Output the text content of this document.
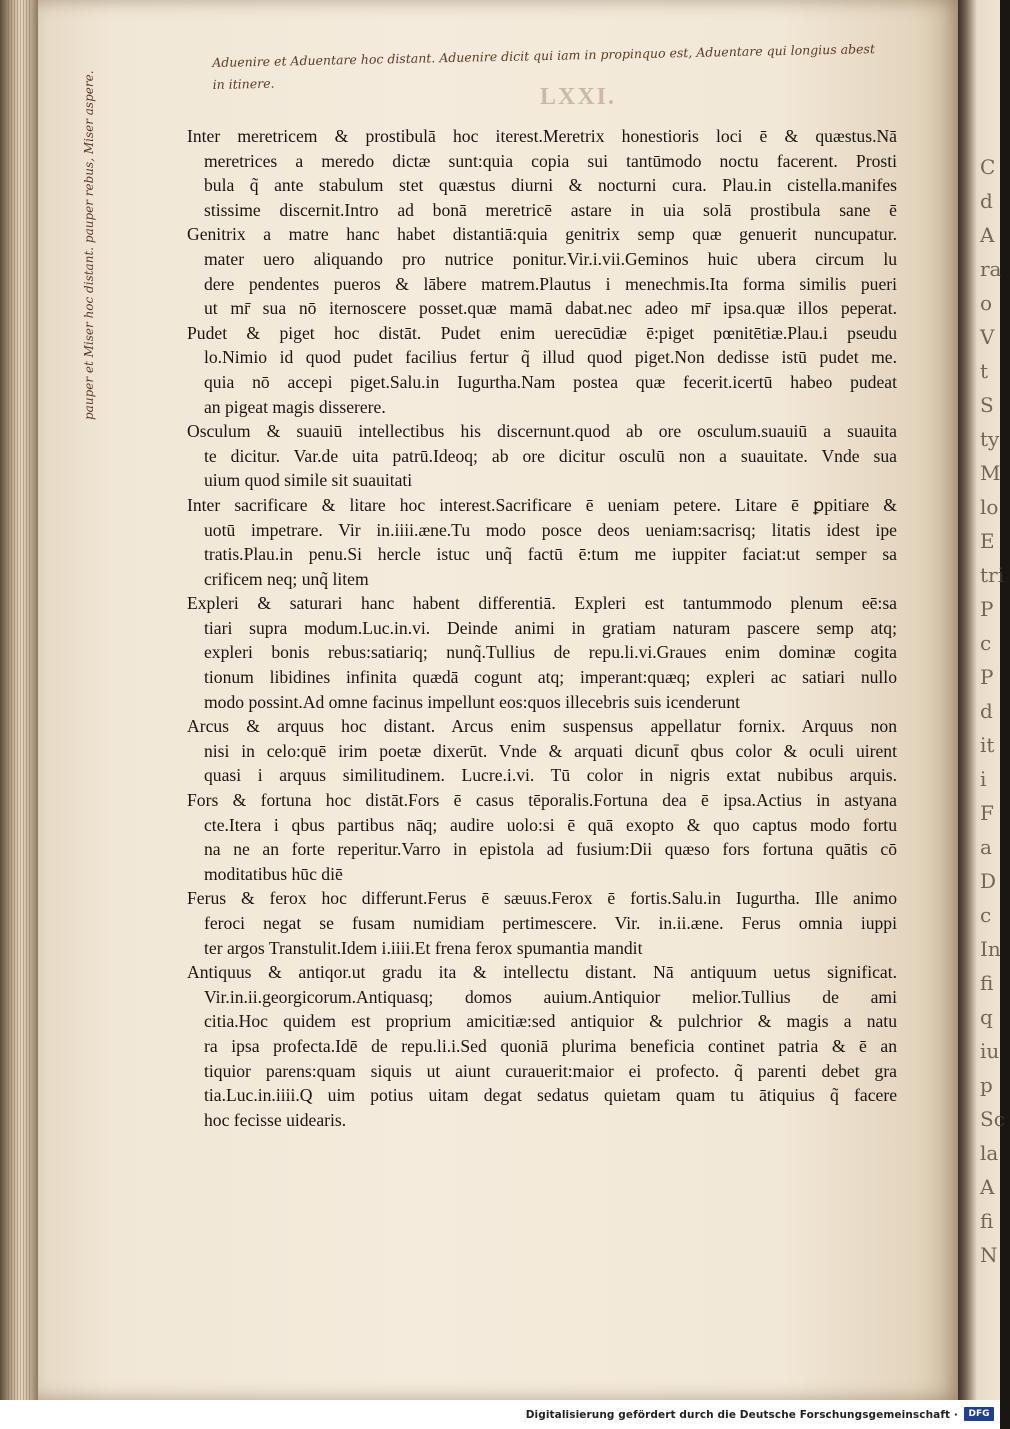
C
d
A
ra
o
V
t
S
ty
M
lo
E
tri
P
c
P
d
it
i
F
a
D
c
In
fi
q
iu
p
Sc
la
A
fi
N
LXXI.
Aduenire et Aduentare hoc distant. Aduenire dicit qui iam in propinquo est, Aduentare qui longius abest
in itinere.
pauper et Miser hoc distant. pauper rebus, Miser aspere.	Inter meretricem & prostibulā hoc iterest.Meretrix honestioris loci ē & quæstus.Nā
meretrices a meredo dictæ sunt:quia copia sui tantūmodo noctu facerent. Prosti
bula q̃ ante stabulum stet quæstus diurni & nocturni cura. Plau.in cistella.manifes
stissime discernit.Intro ad bonā meretricē astare in uia solā prostibula sane ē
Genitrix a matre hanc habet distantiā:quia genitrix semp quæ genuerit nuncupatur.
mater uero aliquando pro nutrice ponitur.Vir.i.vii.Geminos huic ubera circum lu
dere pendentes pueros & lābere matrem.Plautus i menechmis.Ita forma similis pueri
ut mr̄ sua nō iternoscere posset.quæ mamā dabat.nec adeo mr̄ ipsa.quæ illos peperat.
Pudet & piget hoc distāt. Pudet enim uerecūdiæ ē:piget pœnitētiæ.Plau.i pseudu
lo.Nimio id quod pudet facilius fertur q̃ illud quod piget.Non dedisse istū pudet me.
quia nō accepi piget.Salu.in Iugurtha.Nam postea quæ fecerit.icertū habeo pudeat
an pigeat magis disserere.
Osculum & suauiū intellectibus his discernunt.quod ab ore osculum.suauiū a suauita
te dicitur. Var.de uita patrū.Ideoq; ab ore dicitur osculū non a suauitate. Vnde sua
uium quod simile sit suauitati
Inter sacrificare & litare hoc interest.Sacrificare ē ueniam petere. Litare ē ꝑpitiare &
uotū impetrare. Vir in.iiii.æne.Tu modo posce deos ueniam:sacrisq; litatis idest ipe
tratis.Plau.in penu.Si hercle istuc unq̃ factū ē:tum me iuppiter faciat:ut semper sa
crificem neq; unq̃ litem
Expleri & saturari hanc habent differentiā. Expleri est tantummodo plenum eē:sa
tiari supra modum.Luc.in.vi. Deinde animi in gratiam naturam pascere semp atq;
expleri bonis rebus:satiariq; nunq̃.Tullius de repu.li.vi.Graues enim dominæ cogita
tionum libidines infinita quædā cogunt atq; imperant:quæq; expleri ac satiari nullo
modo possint.Ad omne facinus impellunt eos:quos illecebris suis icenderunt
Arcus & arquus hoc distant. Arcus enim suspensus appellatur fornix. Arquus non
nisi in celo:quē irim poetæ dixerūt. Vnde & arquati dicunt̄ qbus color & oculi uirent
quasi i arquus similitudinem. Lucre.i.vi. Tū color in nigris extat nubibus arquis.
Fors & fortuna hoc distāt.Fors ē casus tēporalis.Fortuna dea ē ipsa.Actius in astyana
cte.Itera i qbus partibus nāq; audire uolo:si ē quā exopto & quo captus modo fortu
na ne an forte reperitur.Varro in epistola ad fusium:Dii quæso fors fortuna quātis cō
moditatibus hūc diē
Ferus & ferox hoc differunt.Ferus ē sæuus.Ferox ē fortis.Salu.in Iugurtha. Ille animo
feroci negat se fusam numidiam pertimescere. Vir. in.ii.æne. Ferus omnia iuppi
ter argos Transtulit.Idem i.iiii.Et frena ferox spumantia mandit
Antiquus & antiqor.ut gradu ita & intellectu distant. Nā antiquum uetus significat.
Vir.in.ii.georgicorum.Antiquasq; domos auium.Antiquior melior.Tullius de ami
citia.Hoc quidem est proprium amicitiæ:sed antiquior & pulchrior & magis a natu
ra ipsa profecta.Idē de repu.li.i.Sed quoniā plurima beneficia continet patria & ē an
tiquior parens:quam siquis ut aiunt curauerit:maior ei profecto. q̃ parenti debet gra
tia.Luc.in.iiii.Q uim potius uitam degat sedatus quietam quam tu ātiquius q̃ facere
hoc fecisse uidearis.
Digitalisierung gefördert durch die Deutsche Forschungsgemeinschaft ·	DFG
